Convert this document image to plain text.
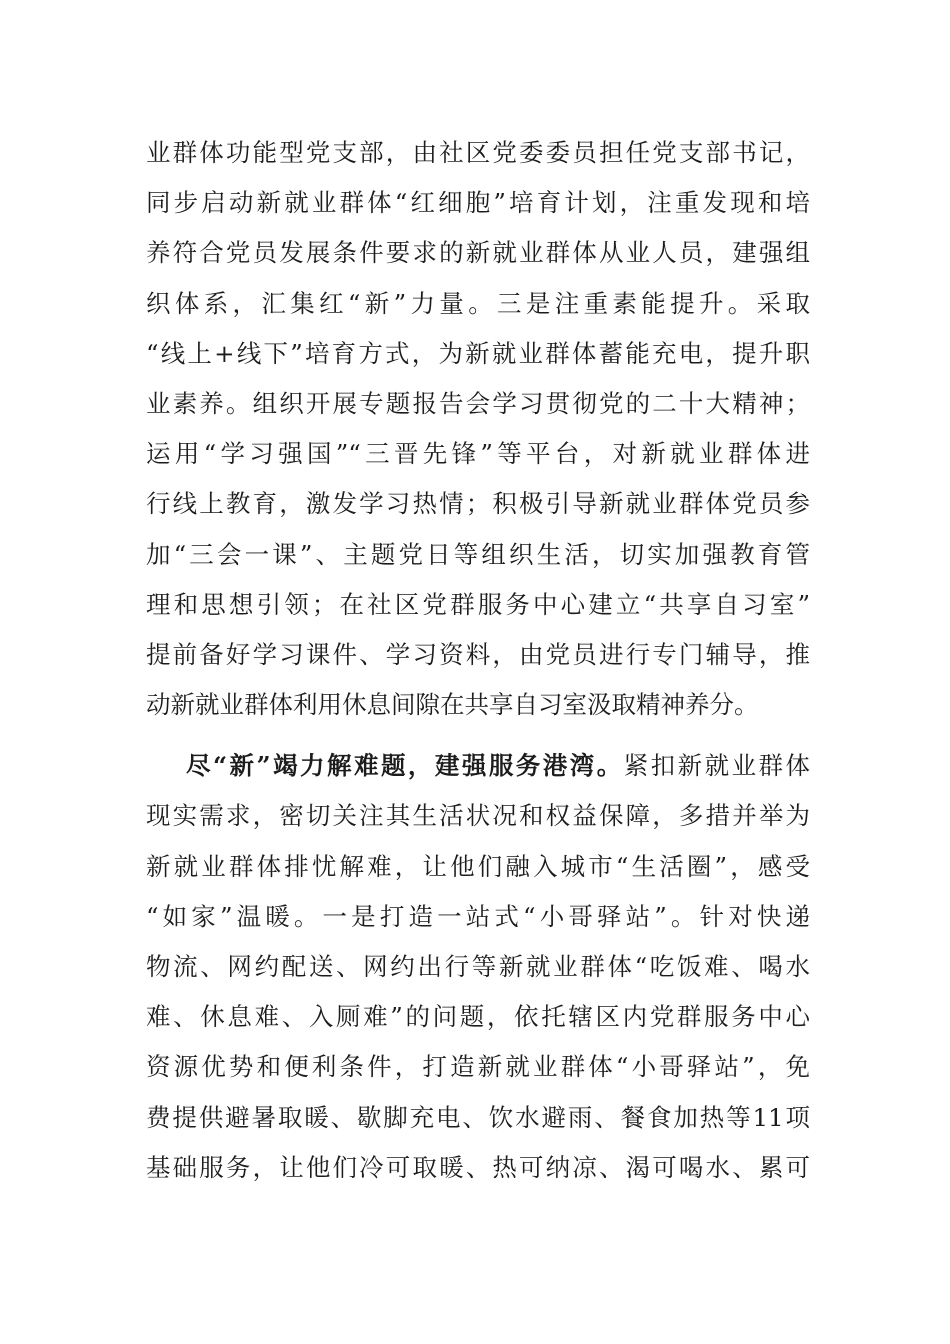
业群体功能型党支部，由社区党委委员担任党支部书记，
同步启动新就业群体“红细胞”培育计划，注重发现和培
养符合党员发展条件要求的新就业群体从业人员，建强组
织体系，汇集红“新”力量。三是注重素能提升。采取
“线上+线下”培育方式，为新就业群体蓄能充电，提升职
业素养。组织开展专题报告会学习贯彻党的二十大精神；
运用“学习强国”“三晋先锋”等平台，对新就业群体进
行线上教育，激发学习热情；积极引导新就业群体党员参
加“三会一课”、主题党日等组织生活，切实加强教育管
理和思想引领；在社区党群服务中心建立“共享自习室”
提前备好学习课件、学习资料，由党员进行专门辅导，推
动新就业群体利用休息间隙在共享自习室汲取精神养分。
尽“新”竭力解难题，建强服务港湾。紧扣新就业群体
现实需求，密切关注其生活状况和权益保障，多措并举为
新就业群体排忧解难，让他们融入城市“生活圈”，感受
“如家”温暖。一是打造一站式“小哥驿站”。针对快递
物流、网约配送、网约出行等新就业群体“吃饭难、喝水
难、休息难、入厕难”的问题，依托辖区内党群服务中心
资源优势和便利条件，打造新就业群体“小哥驿站”，免
费提供避暑取暖、歇脚充电、饮水避雨、餐食加热等11项
基础服务，让他们冷可取暖、热可纳凉、渴可喝水、累可
